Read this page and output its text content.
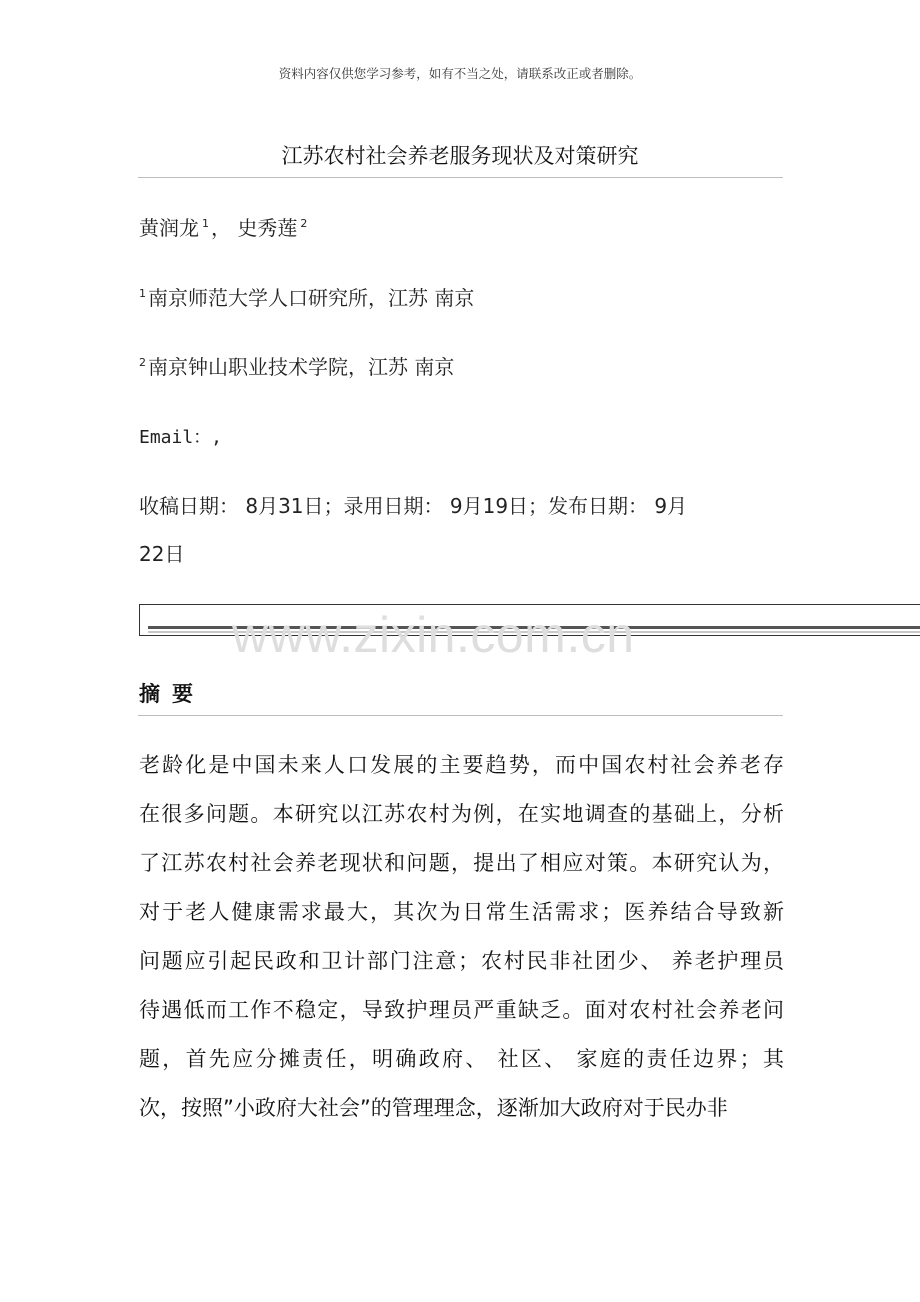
资料内容仅供您学习参考，如有不当之处，请联系改正或者删除。
江苏农村社会养老服务现状及对策研究
黄润龙 $^1$ ， 史秀莲 $^2$
$^1$ 南京师范大学人口研究所，江苏 南京
$^2$ 南京钟山职业技术学院，江苏 南京
Email：,
收稿日期： 8月31日；录用日期： 9月19日；发布日期： 9月
22日
www.zixin.com.cn
摘要
老龄化是中国未来人口发展的主要趋势，而中国农村社会养老存
在很多问题。本研究以江苏农村为例，在实地调查的基础上，分析
了江苏农村社会养老现状和问题，提出了相应对策。本研究认为，
对于老人健康需求最大，其次为日常生活需求；医养结合导致新
问题应引起民政和卫计部门注意；农村民非社团少、 养老护理员
待遇低而工作不稳定，导致护理员严重缺乏。面对农村社会养老问
题，首先应分摊责任，明确政府、 社区、 家庭的责任边界；其
次，按照”小政府大社会”的管理理念，逐渐加大政府对于民办非
